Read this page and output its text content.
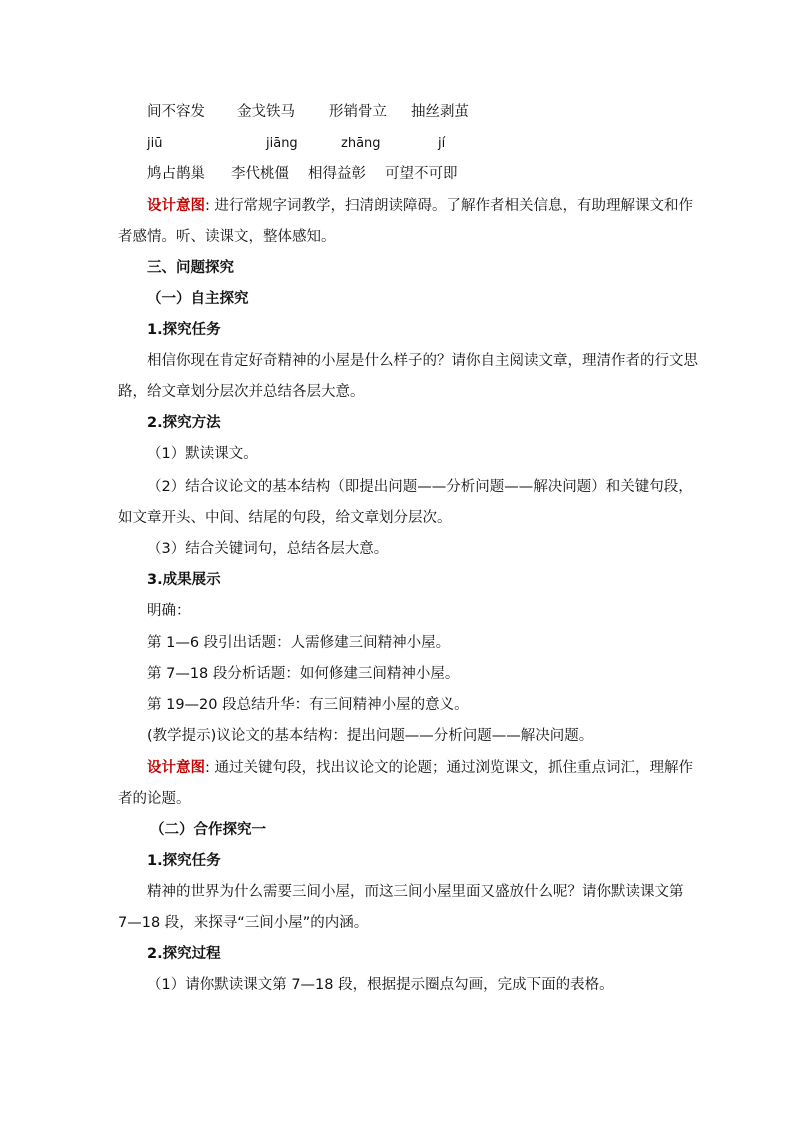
间不容发 金戈铁马 形销骨立 抽丝剥茧
jiū	jiāng	zhāng	jí
鸠占鹊巢 李代桃僵 相得益彰 可望不可即
设计意图: 进行常规字词教学，扫清朗读障碍。了解作者相关信息，有助理解课文和作
者感情。听、读课文，整体感知。
三、问题探究
（一）自主探究
1.探究任务
相信你现在肯定好奇精神的小屋是什么样子的？请你自主阅读文章，理清作者的行文思
路，给文章划分层次并总结各层大意。
2.探究方法
（1）默读课文。
（2）结合议论文的基本结构（即提出问题——分析问题——解决问题）和关键句段，
如文章开头、中间、结尾的句段，给文章划分层次。
（3）结合关键词句，总结各层大意。
3.成果展示
明确：
第 1—6 段引出话题：人需修建三间精神小屋。
第 7—18 段分析话题：如何修建三间精神小屋。
第 19—20 段总结升华：有三间精神小屋的意义。
(教学提示)议论文的基本结构：提出问题——分析问题——解决问题。
设计意图: 通过关键句段，找出议论文的论题；通过浏览课文，抓住重点词汇，理解作
者的论题。
（二）合作探究一
1.探究任务
精神的世界为什么需要三间小屋，而这三间小屋里面又盛放什么呢？请你默读课文第
7—18 段，来探寻“三间小屋”的内涵。
2.探究过程
（1）请你默读课文第 7—18 段，根据提示圈点勾画，完成下面的表格。
